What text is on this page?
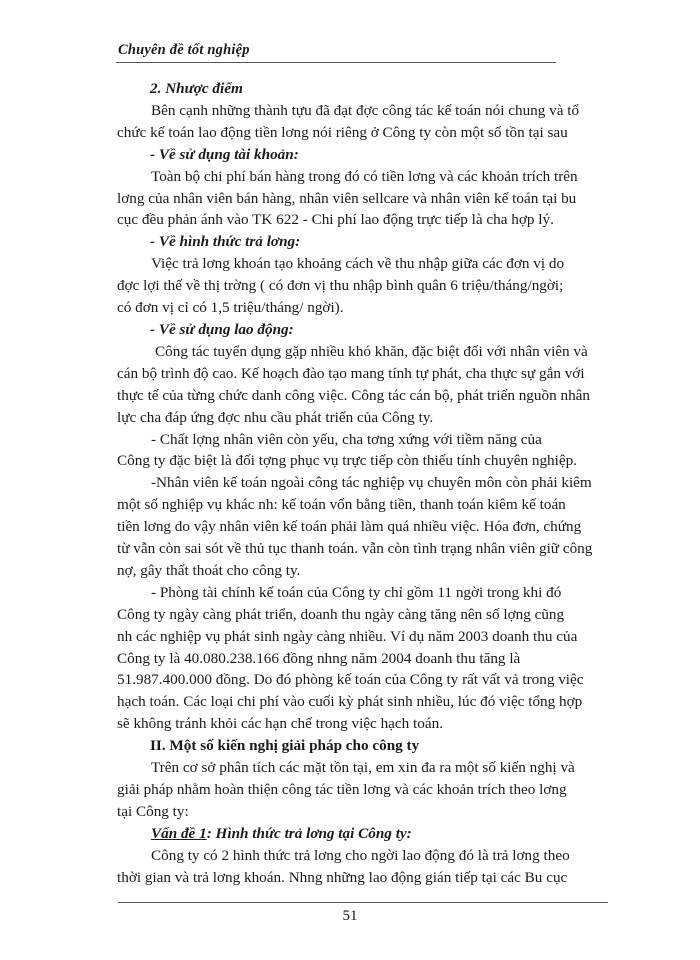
Chuyên đề tốt nghiệp
2. Nhược điểm
Bên cạnh những thành tựu đã đạt đợc công tác kế toán nói chung và tổ
chức kế toán lao động tiền lơng nói riêng ở Công ty còn một số tồn tại sau
- Về sử dụng tài khoản:
Toàn bộ chi phí bán hàng trong đó có tiền lơng và các khoản trích trên
lơng của nhân viên bán hàng, nhân viên sellcare và nhân viên kế toán tại bu
cục đều phản ánh vào TK 622 - Chi phí lao động trực tiếp là cha hợp lý.
- Về hình thức trả lơng:
Việc trả lơng khoán tạo khoảng cách về thu nhập giữa các đơn vị do
đợc lợi thế về thị trờng ( có đơn vị thu nhập bình quân 6 triệu/tháng/ngời;
có đơn vị cỉ có 1,5 triệu/tháng/ ngời).
- Về sử dụng lao động:
Công tác tuyển dụng gặp nhiều khó khăn, đặc biệt đối với nhân viên và
cán bộ trình độ cao. Kế hoạch đào tạo mang tính tự phát, cha thực sự gắn với
thực tế của từng chức danh công việc. Công tác cán bộ, phát triển nguồn nhân
lực cha đáp ứng đợc nhu cầu phát triển của Công ty.
- Chất lợng nhân viên còn yếu, cha tơng xứng với tiềm năng của
Công ty đặc biệt là đối tợng phục vụ trực tiếp còn thiếu tính chuyên nghiệp.
-Nhân viên kế toán ngoài công tác nghiệp vụ chuyên môn còn phải kiêm
một số nghiệp vụ khác nh: kế toán vốn bằng tiền, thanh toán kiêm kế toán
tiền lơng do vậy nhân viên kế toán phải làm quá nhiều việc. Hóa đơn, chứng
từ vẫn còn sai sót về thủ tục thanh toán. vẫn còn tình trạng nhân viên giữ công
nợ, gây thất thoát cho công ty.
- Phòng tài chính kế toán của Công ty chỉ gồm 11 ngời trong khi đó
Công ty ngày càng phát triển, doanh thu ngày càng tăng nên số lợng cũng
nh các nghiệp vụ phát sinh ngày càng nhiều. Ví dụ năm 2003 doanh thu của
Công ty là 40.080.238.166 đồng nhng năm 2004 doanh thu tăng là
51.987.400.000 đồng. Do đó phòng kế toán của Công ty rất vất vả trong việc
hạch toán. Các loại chi phí vào cuối kỳ phát sinh nhiều, lúc đó việc tổng hợp
sẽ không tránh khỏi các hạn chế trong việc hạch toán.
II. Một số kiến nghị giải pháp cho công ty
Trên cơ sở phân tích các mặt tồn tại, em xin đa ra một số kiến nghị và
giải pháp nhằm hoàn thiện công tác tiền lơng và các khoản trích theo lơng
tại Công ty:
Vấn đề 1: Hình thức trả lơng tại Công ty:
Công ty có 2 hình thức trả lơng cho ngời lao động đó là trả lơng theo
thời gian và trả lơng khoán. Nhng những lao động gián tiếp tại các Bu cục
51
